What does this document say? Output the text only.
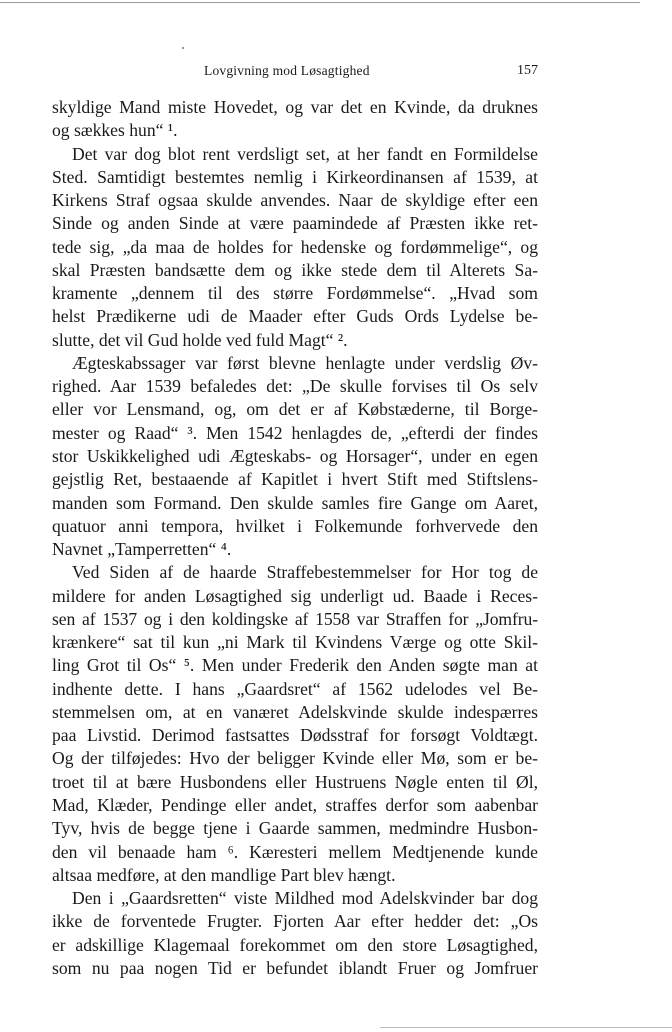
Lovgivning mod Løsagtighed	157
skyldige Mand miste Hovedet, og var det en Kvinde, da druknes
og sækkes hun“ ¹.
Det var dog blot rent verdsligt set, at her fandt en Formildelse
Sted. Samtidigt bestemtes nemlig i Kirkeordinansen af 1539, at
Kirkens Straf ogsaa skulde anvendes. Naar de skyldige efter een
Sinde og anden Sinde at være paamindede af Præsten ikke ret-
tede sig, „da maa de holdes for hedenske og fordømmelige“, og
skal Præsten bandsætte dem og ikke stede dem til Alterets Sa-
kramente „dennem til des større Fordømmelse“. „Hvad som
helst Prædikerne udi de Maader efter Guds Ords Lydelse be-
slutte, det vil Gud holde ved fuld Magt“ ².
Ægteskabssager var først blevne henlagte under verdslig Øv-
righed. Aar 1539 befaledes det: „De skulle forvises til Os selv
eller vor Lensmand, og, om det er af Købstæderne, til Borge-
mester og Raad“ ³. Men 1542 henlagdes de, „efterdi der findes
stor Uskikkelighed udi Ægteskabs- og Horsager“, under en egen
gejstlig Ret, bestaaende af Kapitlet i hvert Stift med Stiftslens-
manden som Formand. Den skulde samles fire Gange om Aaret,
quatuor anni tempora, hvilket i Folkemunde forhvervede den
Navnet „Tamperretten“ ⁴.
Ved Siden af de haarde Straffebestemmelser for Hor tog de
mildere for anden Løsagtighed sig underligt ud. Baade i Reces-
sen af 1537 og i den koldingske af 1558 var Straffen for „Jomfru-
krænkere“ sat til kun „ni Mark til Kvindens Værge og otte Skil-
ling Grot til Os“ ⁵. Men under Frederik den Anden søgte man at
indhente dette. I hans „Gaardsret“ af 1562 udelodes vel Be-
stemmelsen om, at en vanæret Adelskvinde skulde indespærres
paa Livstid. Derimod fastsattes Dødsstraf for forsøgt Voldtægt.
Og der tilføjedes: Hvo der beligger Kvinde eller Mø, som er be-
troet til at bære Husbondens eller Hustruens Nøgle enten til Øl,
Mad, Klæder, Pendinge eller andet, straffes derfor som aabenbar
Tyv, hvis de begge tjene i Gaarde sammen, medmindre Husbon-
den vil benaade ham ⁶. Kæresteri mellem Medtjenende kunde
altsaa medføre, at den mandlige Part blev hængt.
Den i „Gaardsretten“ viste Mildhed mod Adelskvinder bar dog
ikke de forventede Frugter. Fjorten Aar efter hedder det: „Os
er adskillige Klagemaal forekommet om den store Løsagtighed,
som nu paa nogen Tid er befundet iblandt Fruer og Jomfruer
